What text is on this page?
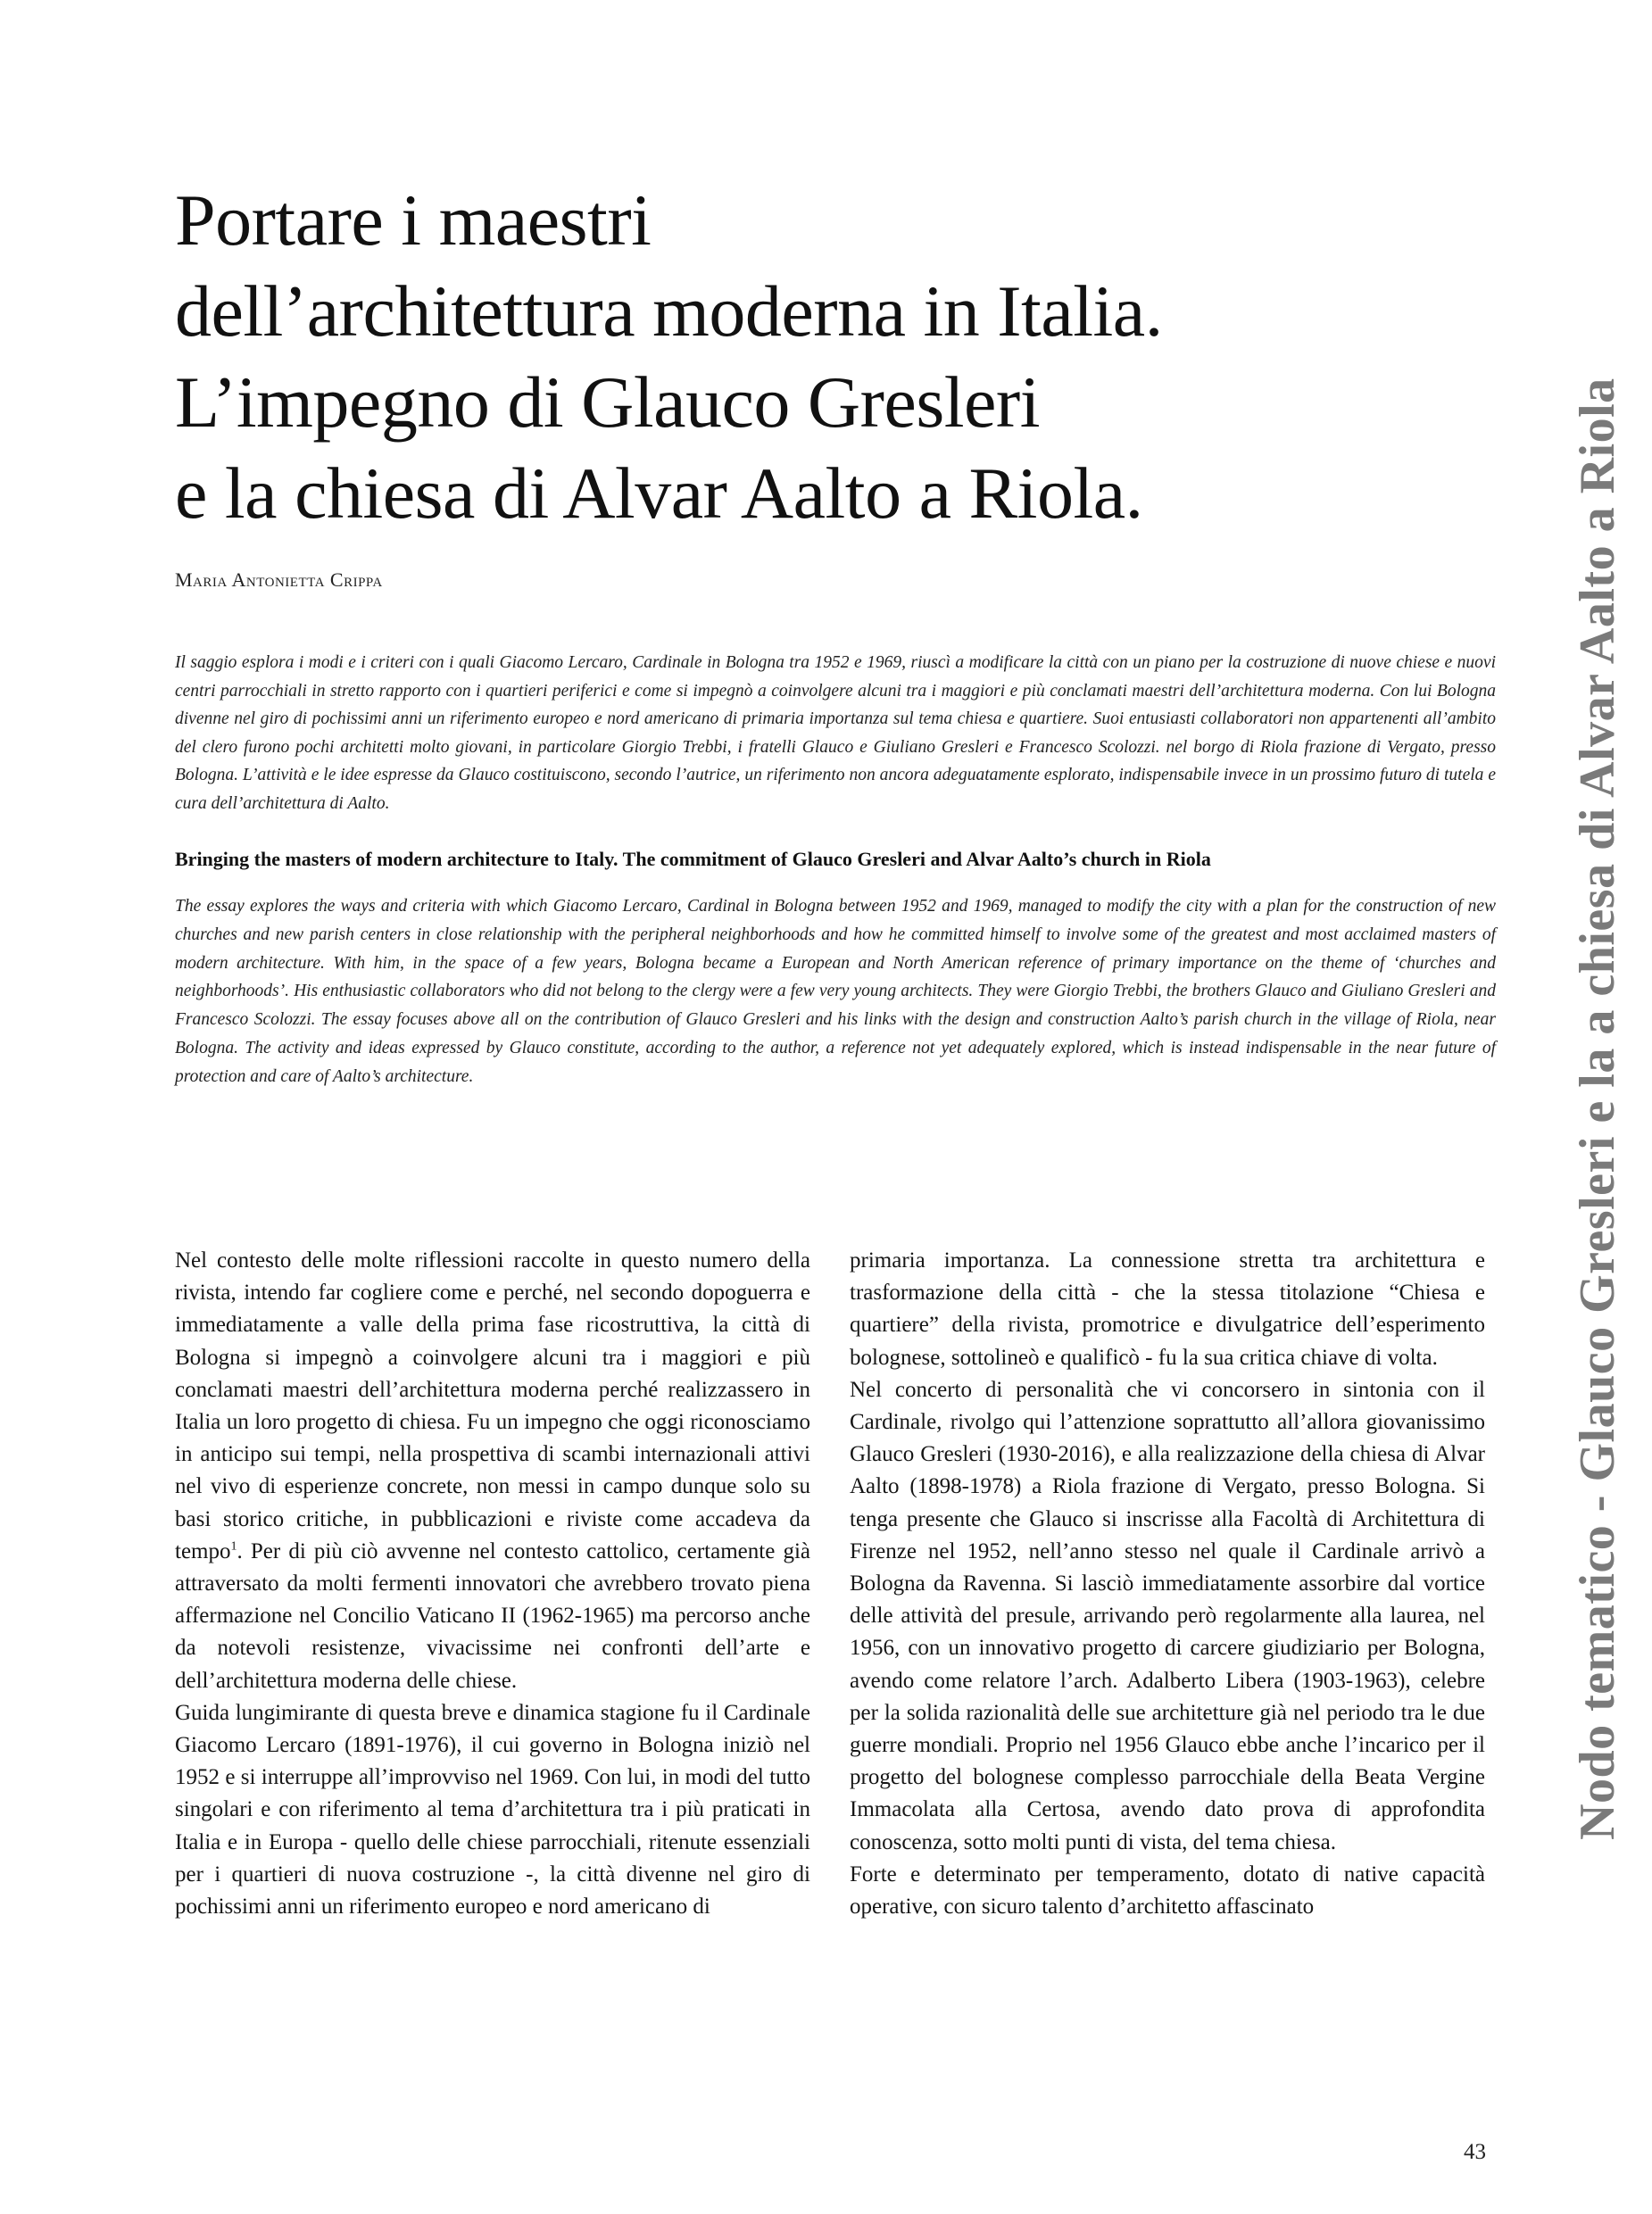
Portare i maestri
dell’architettura moderna in Italia.
L’impegno di Glauco Gresleri
e la chiesa di Alvar Aalto a Riola.
Maria Antonietta Crippa

Il saggio esplora i modi e i criteri con i quali Giacomo Lercaro, Cardinale in Bologna tra 1952 e 1969, riuscì a modificare la città con un piano per la costruzione di nuove chiese e nuovi centri parrocchiali in stretto rapporto con i quartieri periferici e come si impegnò a coinvolgere alcuni tra i maggiori e più conclamati maestri dell’architettura moderna. Con lui Bologna divenne nel giro di pochissimi anni un riferimento europeo e nord americano di primaria importanza sul tema chiesa e quartiere. Suoi entusiasti collaboratori non appartenenti all’ambito del clero furono pochi architetti molto giovani, in particolare Giorgio Trebbi, i fratelli Glauco e Giuliano Gresleri e Francesco Scolozzi. nel borgo di Riola frazione di Vergato, presso Bologna. L’attività e le idee espresse da Glauco costituiscono, secondo l’autrice, un riferimento non ancora adeguatamente esplorato, indispensabile invece in un prossimo futuro di tutela e cura dell’architettura di Aalto.

Bringing the masters of modern architecture to Italy. The commitment of Glauco Gresleri and Alvar Aalto’s church in Riola

The essay explores the ways and criteria with which Giacomo Lercaro, Cardinal in Bologna between 1952 and 1969, managed to modify the city with a plan for the construction of new churches and new parish centers in close relationship with the peripheral neighborhoods and how he committed himself to involve some of the greatest and most acclaimed masters of modern architecture. With him, in the space of a few years, Bologna became a European and North American reference of primary importance on the theme of ‘churches and neighborhoods’. His enthusiastic collaborators who did not belong to the clergy were a few very young architects. They were Giorgio Trebbi, the brothers Glauco and Giuliano Gresleri and Francesco Scolozzi. The essay focuses above all on the contribution of Glauco Gresleri and his links with the design and construction Aalto’s parish church in the village of Riola, near Bologna. The activity and ideas expressed by Glauco constitute, according to the author, a reference not yet adequately explored, which is instead indispensable in the near future of protection and care of Aalto’s architecture.

Nel contesto delle molte riflessioni raccolte in questo numero della rivista, intendo far cogliere come e perché, nel secondo dopoguerra e immediatamente a valle della prima fase ricostruttiva, la città di Bologna si impegnò a coinvolgere alcuni tra i maggiori e più conclamati maestri dell’architettura moderna perché realizzassero in Italia un loro progetto di chiesa. Fu un impegno che oggi riconosciamo in anticipo sui tempi, nella prospettiva di scambi internazionali attivi nel vivo di esperienze concrete, non messi in campo dunque solo su basi storico critiche, in pubblicazioni e riviste come accadeva da tempo$^1$. Per di più ciò avvenne nel contesto cattolico, certamente già attraversato da molti fermenti innovatori che avrebbero trovato piena affermazione nel Concilio Vaticano II (1962-1965) ma percorso anche da notevoli resistenze, vivacissime nei confronti dell’arte e dell’architettura moderna delle chiese.

Guida lungimirante di questa breve e dinamica stagione fu il Cardinale Giacomo Lercaro (1891-1976), il cui governo in Bologna iniziò nel 1952 e si interruppe all’improvviso nel 1969. Con lui, in modi del tutto singolari e con riferimento al tema d’architettura tra i più praticati in Italia e in Europa - quello delle chiese parrocchiali, ritenute essenziali per i quartieri di nuova costruzione -, la città divenne nel giro di pochissimi anni un riferimento europeo e nord americano di

primaria importanza. La connessione stretta tra architettura e trasformazione della città - che la stessa titolazione “Chiesa e quartiere” della rivista, promotrice e divulgatrice dell’esperimento bolognese, sottolineò e qualificò - fu la sua critica chiave di volta.

Nel concerto di personalità che vi concorsero in sintonia con il Cardinale, rivolgo qui l’attenzione soprattutto all’allora giovanissimo Glauco Gresleri (1930-2016), e alla realizzazione della chiesa di Alvar Aalto (1898-1978) a Riola frazione di Vergato, presso Bologna. Si tenga presente che Glauco si inscrisse alla Facoltà di Architettura di Firenze nel 1952, nell’anno stesso nel quale il Cardinale arrivò a Bologna da Ravenna. Si lasciò immediatamente assorbire dal vortice delle attività del presule, arrivando però regolarmente alla laurea, nel 1956, con un innovativo progetto di carcere giudiziario per Bologna, avendo come relatore l’arch. Adalberto Libera (1903-1963), celebre per la solida razionalità delle sue architetture già nel periodo tra le due guerre mondiali. Proprio nel 1956 Glauco ebbe anche l’incarico per il progetto del bolognese complesso parrocchiale della Beata Vergine Immacolata alla Certosa, avendo dato prova di approfondita conoscenza, sotto molti punti di vista, del tema chiesa.

Forte e determinato per temperamento, dotato di native capacità operative, con sicuro talento d’architetto affascinato

43
Nodo tematico - Glauco Gresleri e la a chiesa di Alvar Aalto a Riola
